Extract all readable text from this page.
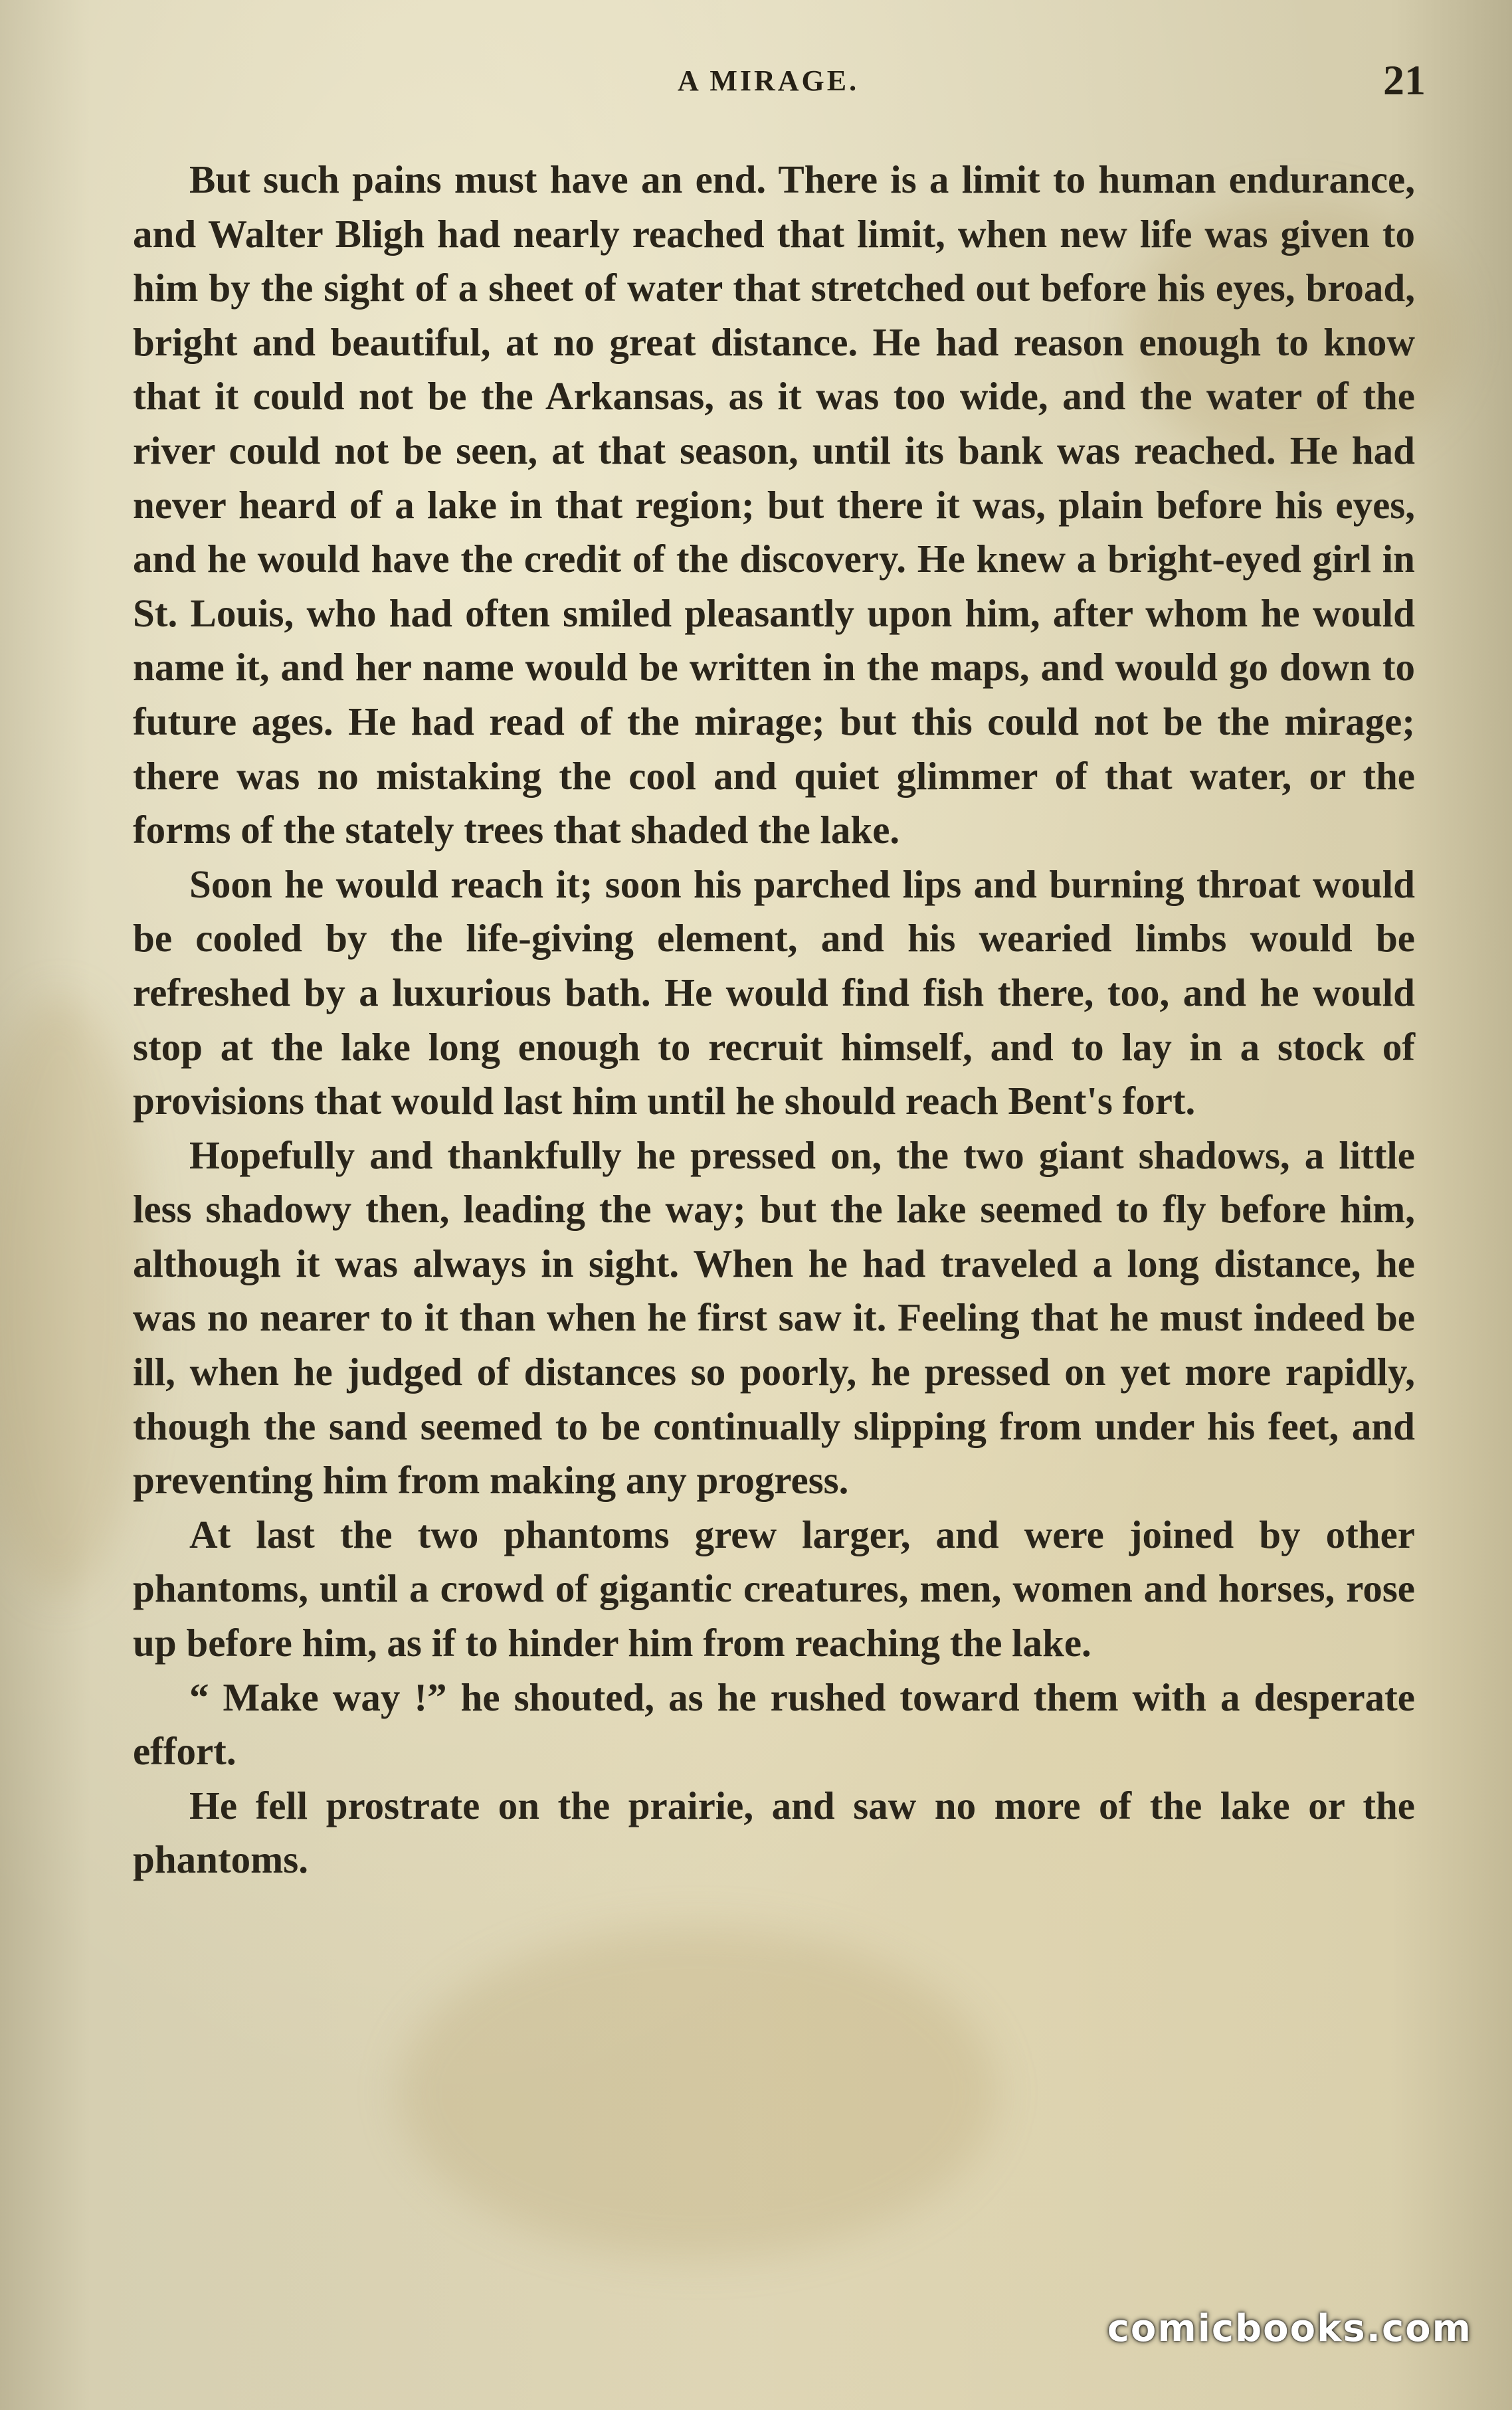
A MIRAGE.	21

But such pains must have an end. There is a limit to human endurance, and Walter Bligh had nearly reached that limit, when new life was given to him by the sight of a sheet of water that stretched out before his eyes, broad, bright and beautiful, at no great distance. He had reason enough to know that it could not be the Arkansas, as it was too wide, and the water of the river could not be seen, at that season, until its bank was reached. He had never heard of a lake in that region; but there it was, plain before his eyes, and he would have the credit of the discovery. He knew a bright-eyed girl in St. Louis, who had often smiled pleasantly upon him, after whom he would name it, and her name would be written in the maps, and would go down to future ages. He had read of the mirage; but this could not be the mirage; there was no mistaking the cool and quiet glimmer of that water, or the forms of the stately trees that shaded the lake.

Soon he would reach it; soon his parched lips and burning throat would be cooled by the life-giving element, and his wearied limbs would be refreshed by a luxurious bath. He would find fish there, too, and he would stop at the lake long enough to recruit himself, and to lay in a stock of provisions that would last him until he should reach Bent's fort.

Hopefully and thankfully he pressed on, the two giant shadows, a little less shadowy then, leading the way; but the lake seemed to fly before him, although it was always in sight. When he had traveled a long distance, he was no nearer to it than when he first saw it. Feeling that he must indeed be ill, when he judged of distances so poorly, he pressed on yet more rapidly, though the sand seemed to be continually slipping from under his feet, and preventing him from making any progress.

At last the two phantoms grew larger, and were joined by other phantoms, until a crowd of gigantic creatures, men, women and horses, rose up before him, as if to hinder him from reaching the lake.

“ Make way !” he shouted, as he rushed toward them with a desperate effort.

He fell prostrate on the prairie, and saw no more of the lake or the phantoms.

comicbooks.com
